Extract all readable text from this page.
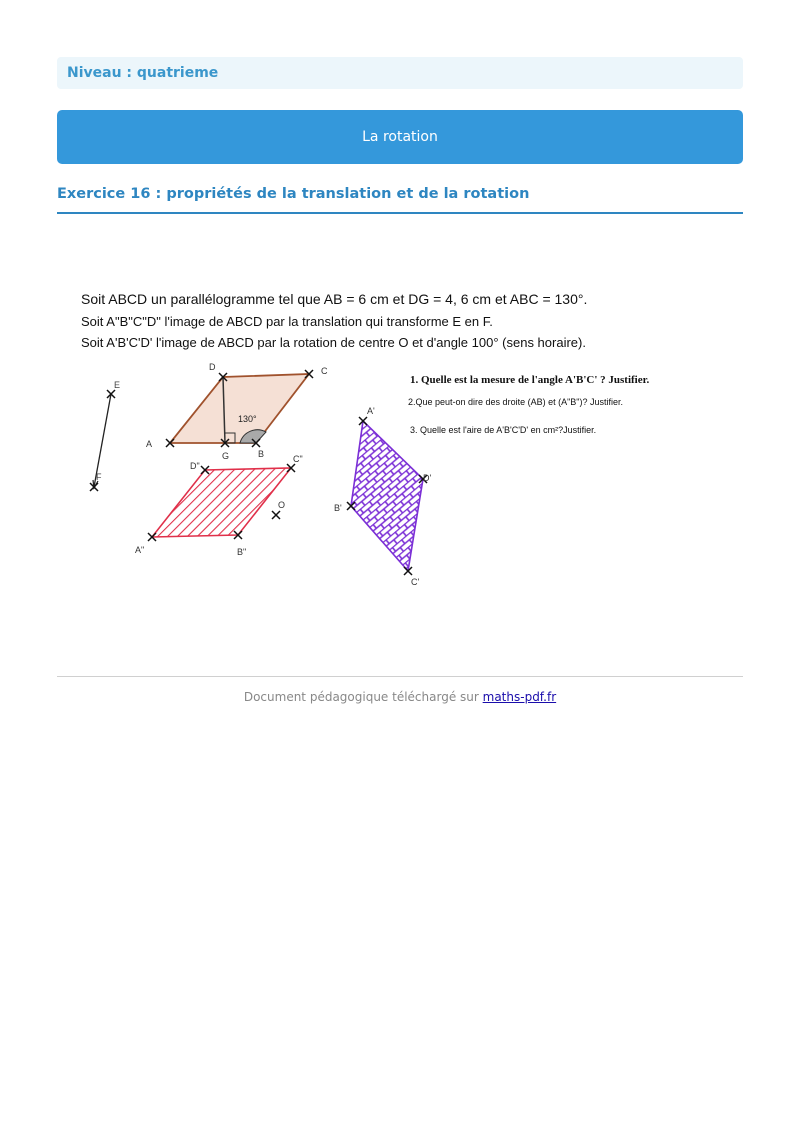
Niveau : quatrieme
La rotation
Exercice 16 : propriétés de la translation et de la rotation
Soit ABCD un parallélogramme tel que AB = 6 cm et DG = 4, 6 cm et ABC = 130°.
Soit A"B"C"D" l'image de ABCD par la translation qui transforme E en F.
Soit A'B'C'D' l'image de ABCD par la rotation de centre O et d'angle 100° (sens horaire).
1. Quelle est la mesure de l'angle A'B'C' ? Justifier.
2.Que peut-on dire des droite (AB) et (A"B")? Justifier.
3. Quelle est l'aire de A'B'C'D' en cm²?Justifier.
E
F
130°
A
B
C
D
G
A"	B"
C"
D"
O
A'
D'
C'
B'
Document pédagogique téléchargé sur maths-pdf.fr
